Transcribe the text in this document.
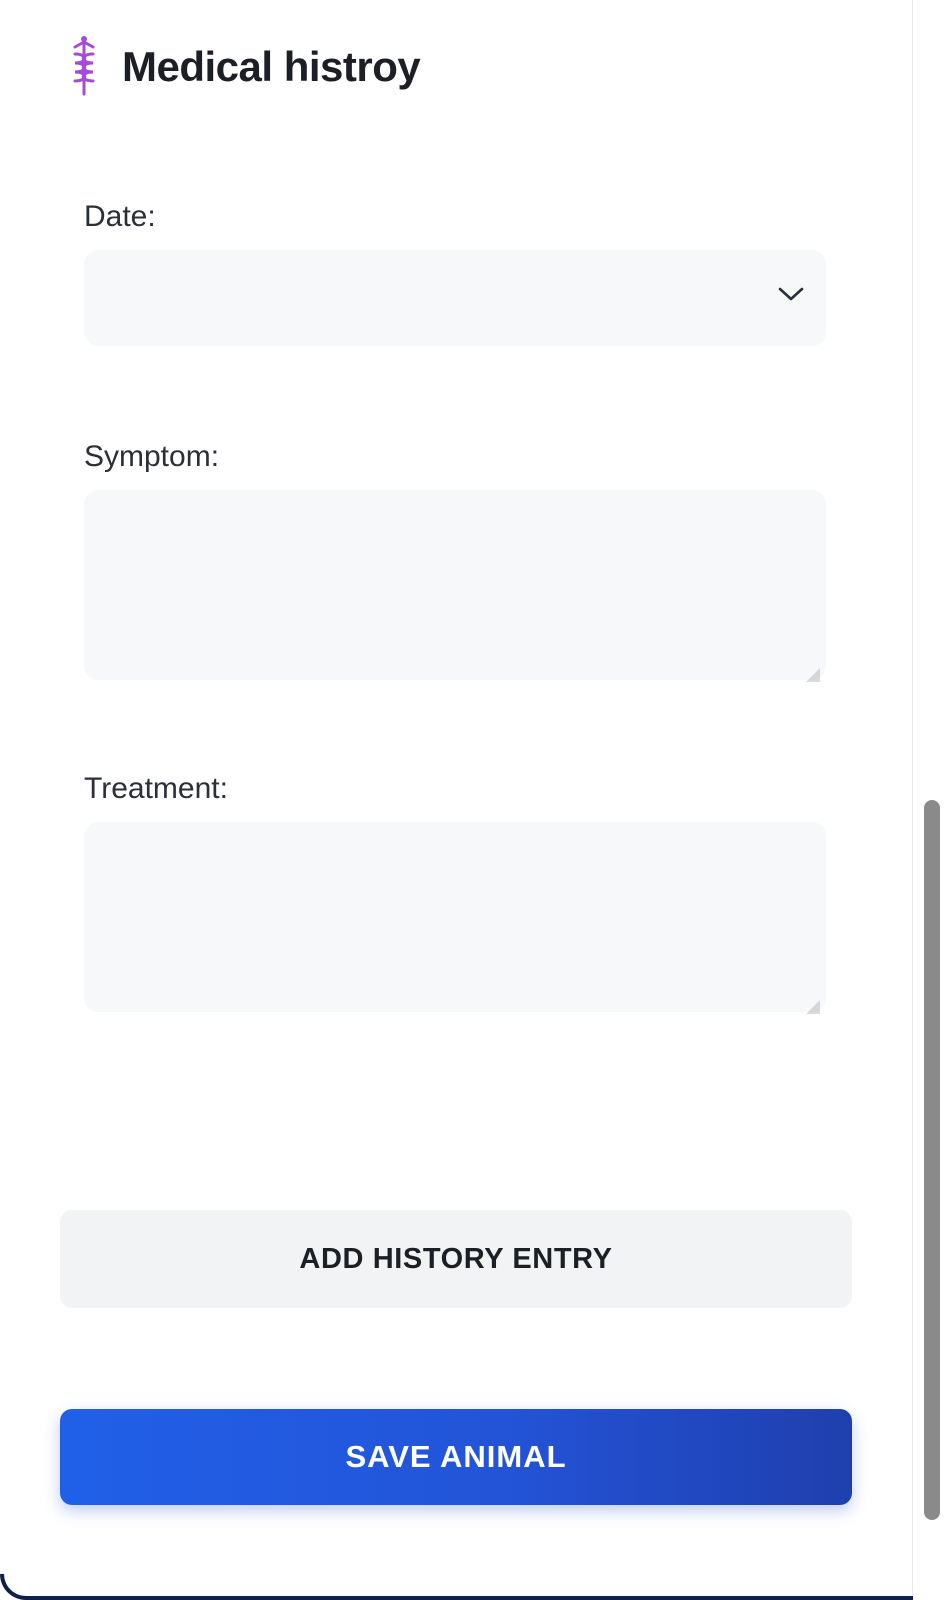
Medical histroy
Date:
Symptom:
Treatment:
ADD HISTORY ENTRY
SAVE ANIMAL
